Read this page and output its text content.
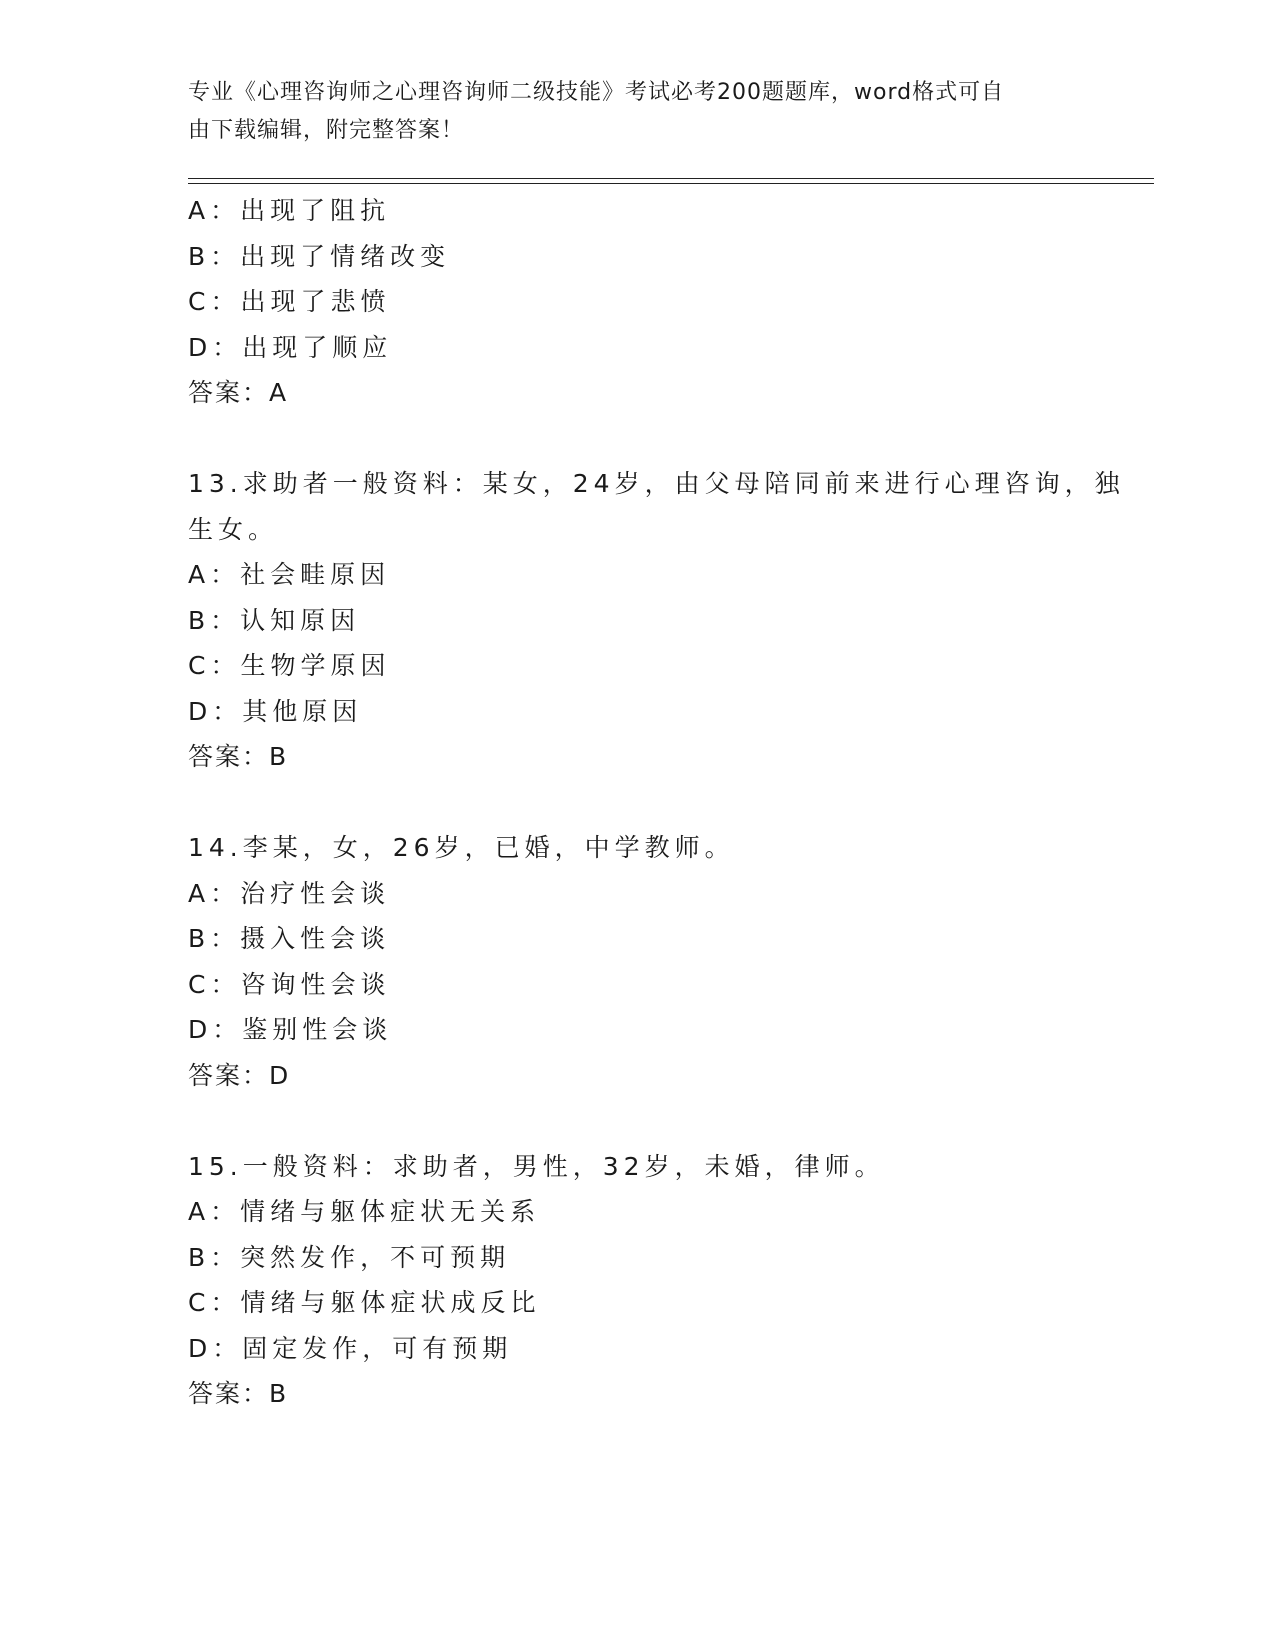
专业《心理咨询师之心理咨询师二级技能》考试必考200题题库，word格式可自
由下载编辑，附完整答案！
A：出现了阻抗
B：出现了情绪改变
C：出现了悲愤
D：出现了顺应
答案：A
13.求助者一般资料：某女，24岁，由父母陪同前来进行心理咨询，独
生女。
A：社会畦原因
B：认知原因
C：生物学原因
D：其他原因
答案：B
14.李某，女，26岁，已婚，中学教师。
A：治疗性会谈
B：摄入性会谈
C：咨询性会谈
D：鉴别性会谈
答案：D
15.一般资料：求助者，男性，32岁，未婚，律师。
A：情绪与躯体症状无关系
B：突然发作，不可预期
C：情绪与躯体症状成反比
D：固定发作，可有预期
答案：B
